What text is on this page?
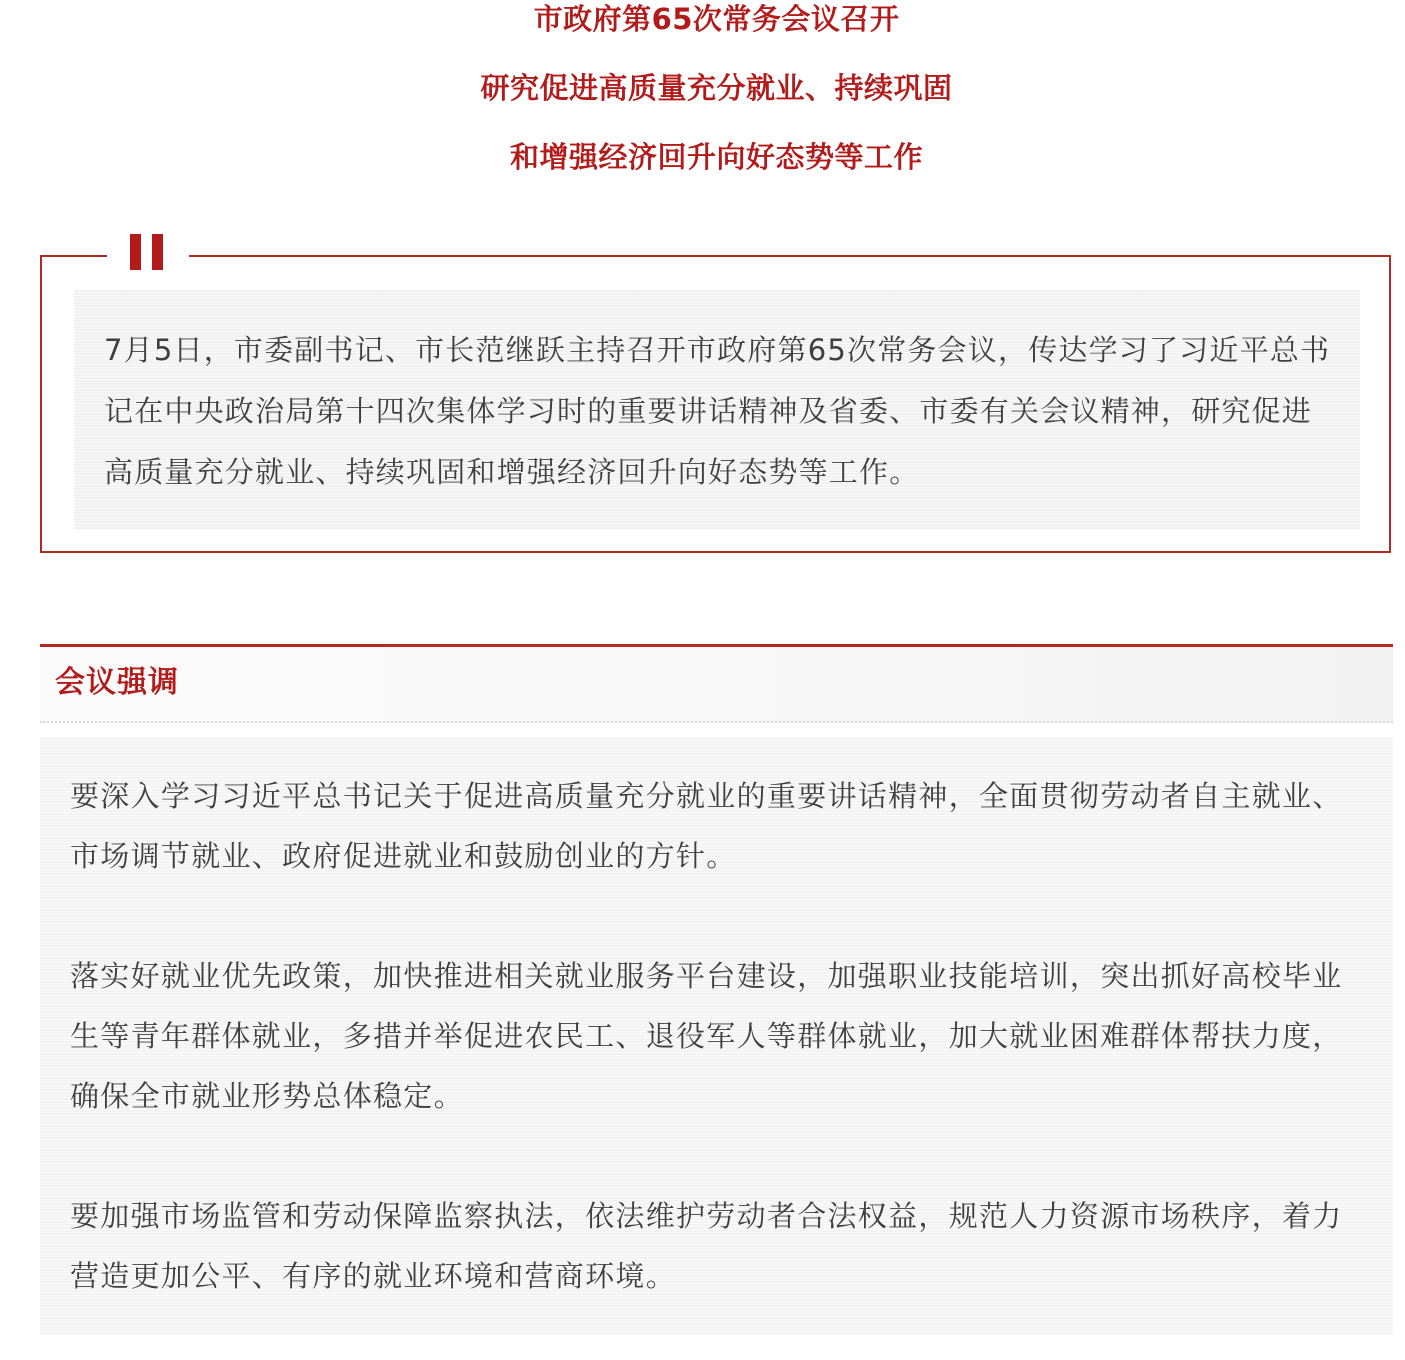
市政府第65次常务会议召开
研究促进高质量充分就业、持续巩固
和增强经济回升向好态势等工作

7月5日，市委副书记、市长范继跃主持召开市政府第65次常务会议，传达学习了习近平总书记在中央政治局第十四次集体学习时的重要讲话精神及省委、市委有关会议精神，研究促进高质量充分就业、持续巩固和增强经济回升向好态势等工作。

会议强调

要深入学习习近平总书记关于促进高质量充分就业的重要讲话精神，全面贯彻劳动者自主就业、市场调节就业、政府促进就业和鼓励创业的方针。

落实好就业优先政策，加快推进相关就业服务平台建设，加强职业技能培训，突出抓好高校毕业生等青年群体就业，多措并举促进农民工、退役军人等群体就业，加大就业困难群体帮扶力度，确保全市就业形势总体稳定。

要加强市场监管和劳动保障监察执法，依法维护劳动者合法权益，规范人力资源市场秩序，着力营造更加公平、有序的就业环境和营商环境。
